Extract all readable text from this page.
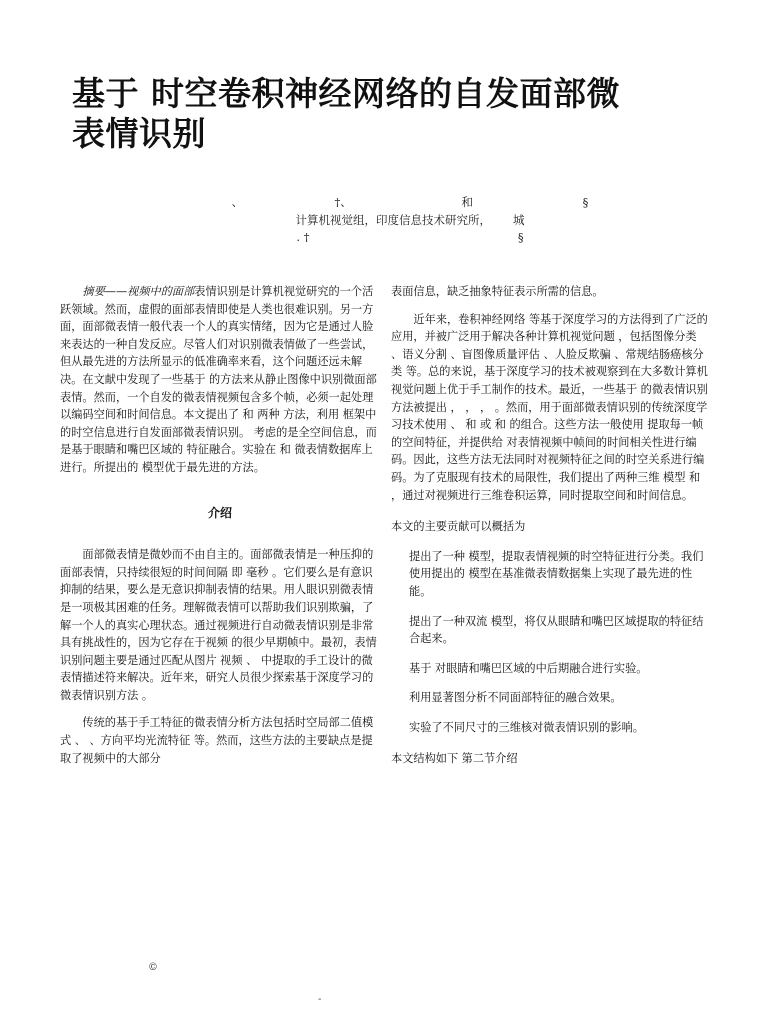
基于 时空卷积神经网络的自发面部微
表情识别
、                         †、                              和                              §
计算机视觉组，印度信息技术研究所，      城
. †                                                         §

摘要——视频中的面部表情识别是计算机视觉研究的一个活跃领域。然而，虚假的面部表情即使是人类也很难识别。另一方面，面部微表情一般代表一个人的真实情绪，因为它是通过人脸来表达的一种自发反应。尽管人们对识别微表情做了一些尝试，但从最先进的方法所显示的低准确率来看，这个问题还远未解决。在文献中发现了一些基于 的方法来从静止图像中识别微面部表情。然而，一个自发的微表情视频包含多个帧，必须一起处理以编码空间和时间信息。本文提出了 和 两种 方法，利用 框架中的时空信息进行自发面部微表情识别。 考虑的是全空间信息，而 是基于眼睛和嘴巴区域的 特征融合。实验在 和 微表情数据库上进行。所提出的 模型优于最先进的方法。

介绍

面部微表情是微妙而不由自主的。面部微表情是一种压抑的面部表情，只持续很短的时间间隔 即 毫秒 。它们要么是有意识抑制的结果，要么是无意识抑制表情的结果。用人眼识别微表情是一项极其困难的任务。理解微表情可以帮助我们识别欺骗，了解一个人的真实心理状态。通过视频进行自动微表情识别是非常具有挑战性的，因为它存在于视频 的很少早期帧中。最初，表情识别问题主要是通过匹配从图片 视频 、 中提取的手工设计的微表情描述符来解决。近年来，研究人员很少探索基于深度学习的微表情识别方法 。

传统的基于手工特征的微表情分析方法包括时空局部二值模式 、 、方向平均光流特征 等。然而，这些方法的主要缺点是提取了视频中的大部分

表面信息，缺乏抽象特征表示所需的信息。

近年来，卷积神经网络 等基于深度学习的方法得到了广泛的应用，并被广泛用于解决各种计算机视觉问题 ，包括图像分类 、语义分割 、盲图像质量评估 、人脸反欺骗 、常规结肠癌核分类 等。总的来说，基于深度学习的技术被观察到在大多数计算机视觉问题上优于手工制作的技术。最近，一些基于 的微表情识别方法被提出 ， ， ， 。然而，用于面部微表情识别的传统深度学习技术使用 、 和 或 和 的组合。这些方法一般使用 提取每一帧的空间特征，并提供给 对表情视频中帧间的时间相关性进行编码。因此，这些方法无法同时对视频特征之间的时空关系进行编码。为了克服现有技术的局限性，我们提出了两种三维 模型 和 ，通过对视频进行三维卷积运算，同时提取空间和时间信息。

本文的主要贡献可以概括为

提出了一种 模型，提取表情视频的时空特征进行分类。我们使用提出的 模型在基准微表情数据集上实现了最先进的性能。

提出了一种双流 模型，将仅从眼睛和嘴巴区域提取的特征结合起来。

基于 对眼睛和嘴巴区域的中后期融合进行实验。

利用显著图分析不同面部特征的融合效果。

实验了不同尺寸的三维核对微表情识别的影响。

本文结构如下 第二节介绍

©
-
